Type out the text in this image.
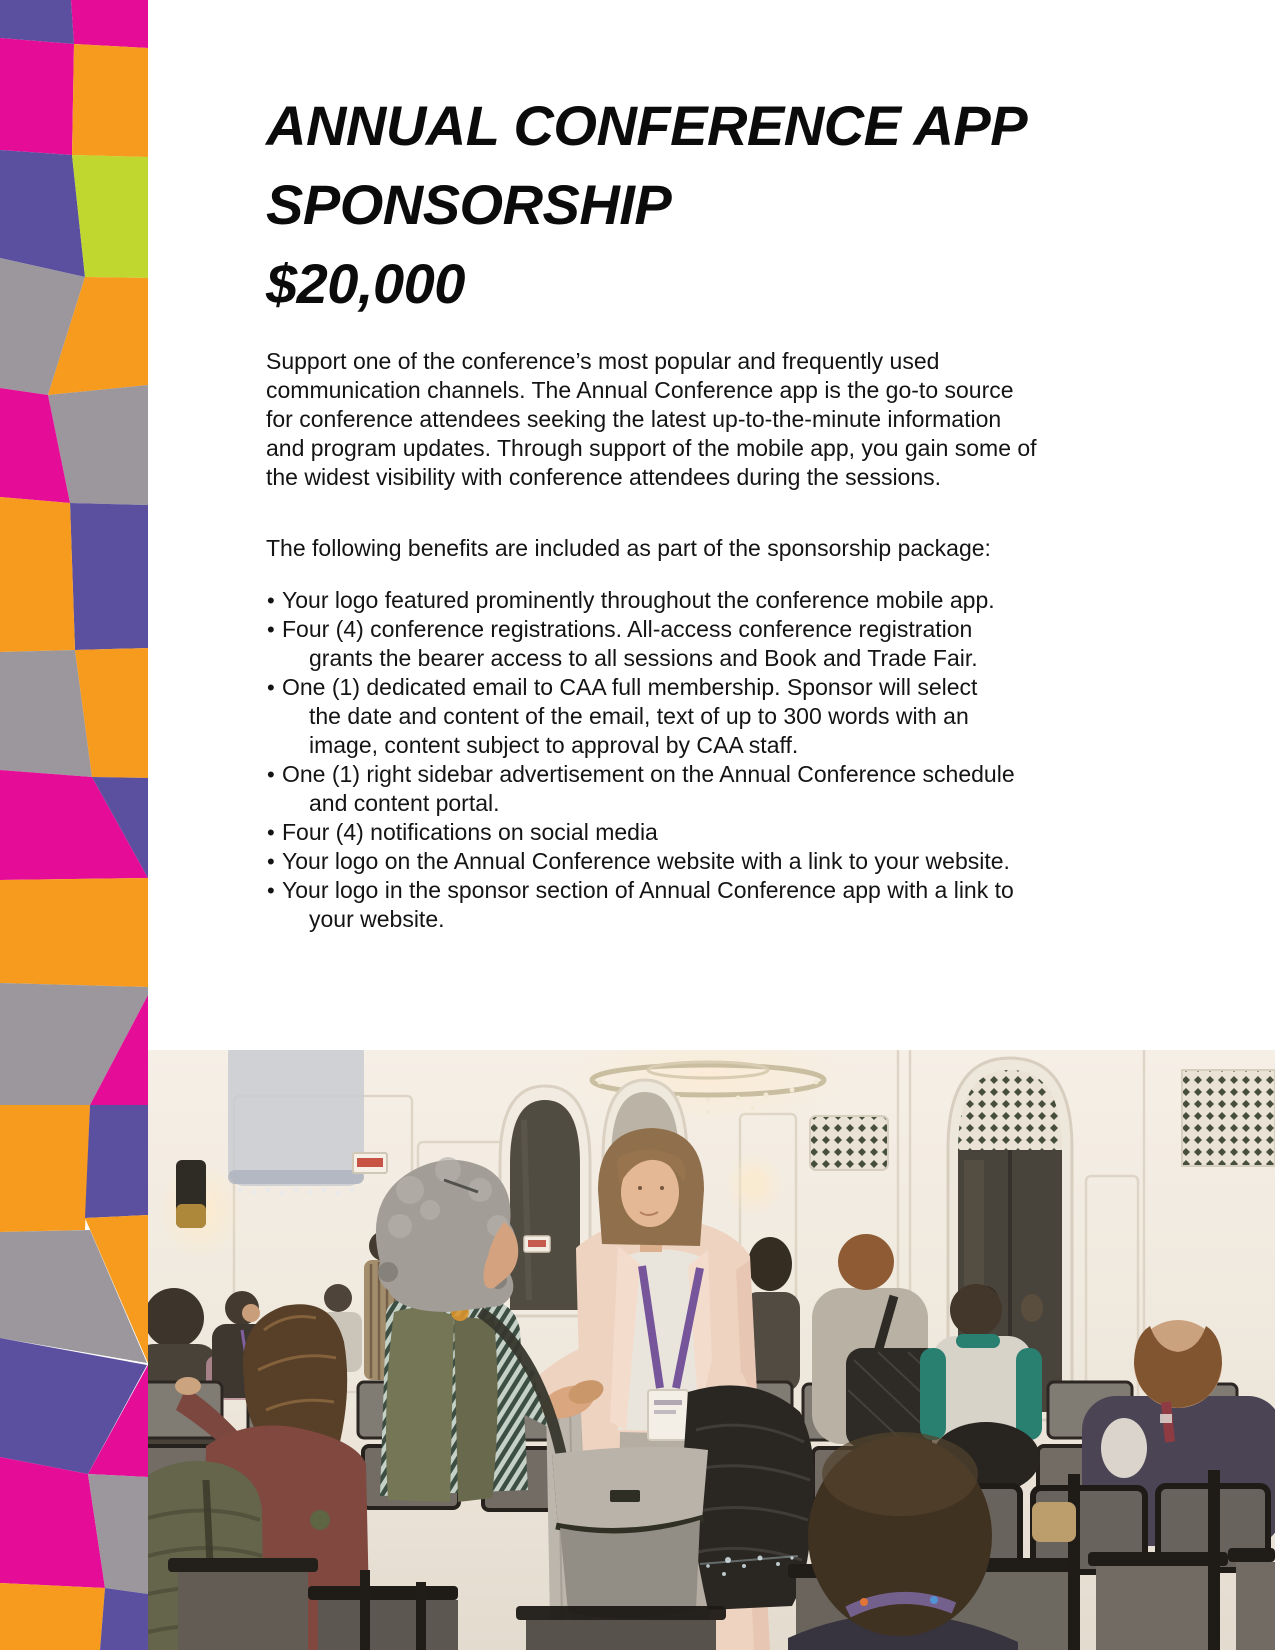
ANNUAL CONFERENCE APP
SPONSORSHIP
$20,000
Support one of the conference’s most popular and frequently used
communication channels. The Annual Conference app is the go-to source
for conference attendees seeking the latest up-to-the-minute information
and program updates. Through support of the mobile app, you gain some of
the widest visibility with conference attendees during the sessions.
The following benefits are included as part of the sponsorship package:
• Your logo featured prominently throughout the conference mobile app.
• Four (4) conference registrations. All-access conference registration
grants the bearer access to all sessions and Book and Trade Fair.
• One (1) dedicated email to CAA full membership. Sponsor will select
the date and content of the email, text of up to 300 words with an
image, content subject to approval by CAA staff.
• One (1) right sidebar advertisement on the Annual Conference schedule
and content portal.
• Four (4) notifications on social media
• Your logo on the Annual Conference website with a link to your website.
• Your logo in the sponsor section of Annual Conference app with a link to
your website.
